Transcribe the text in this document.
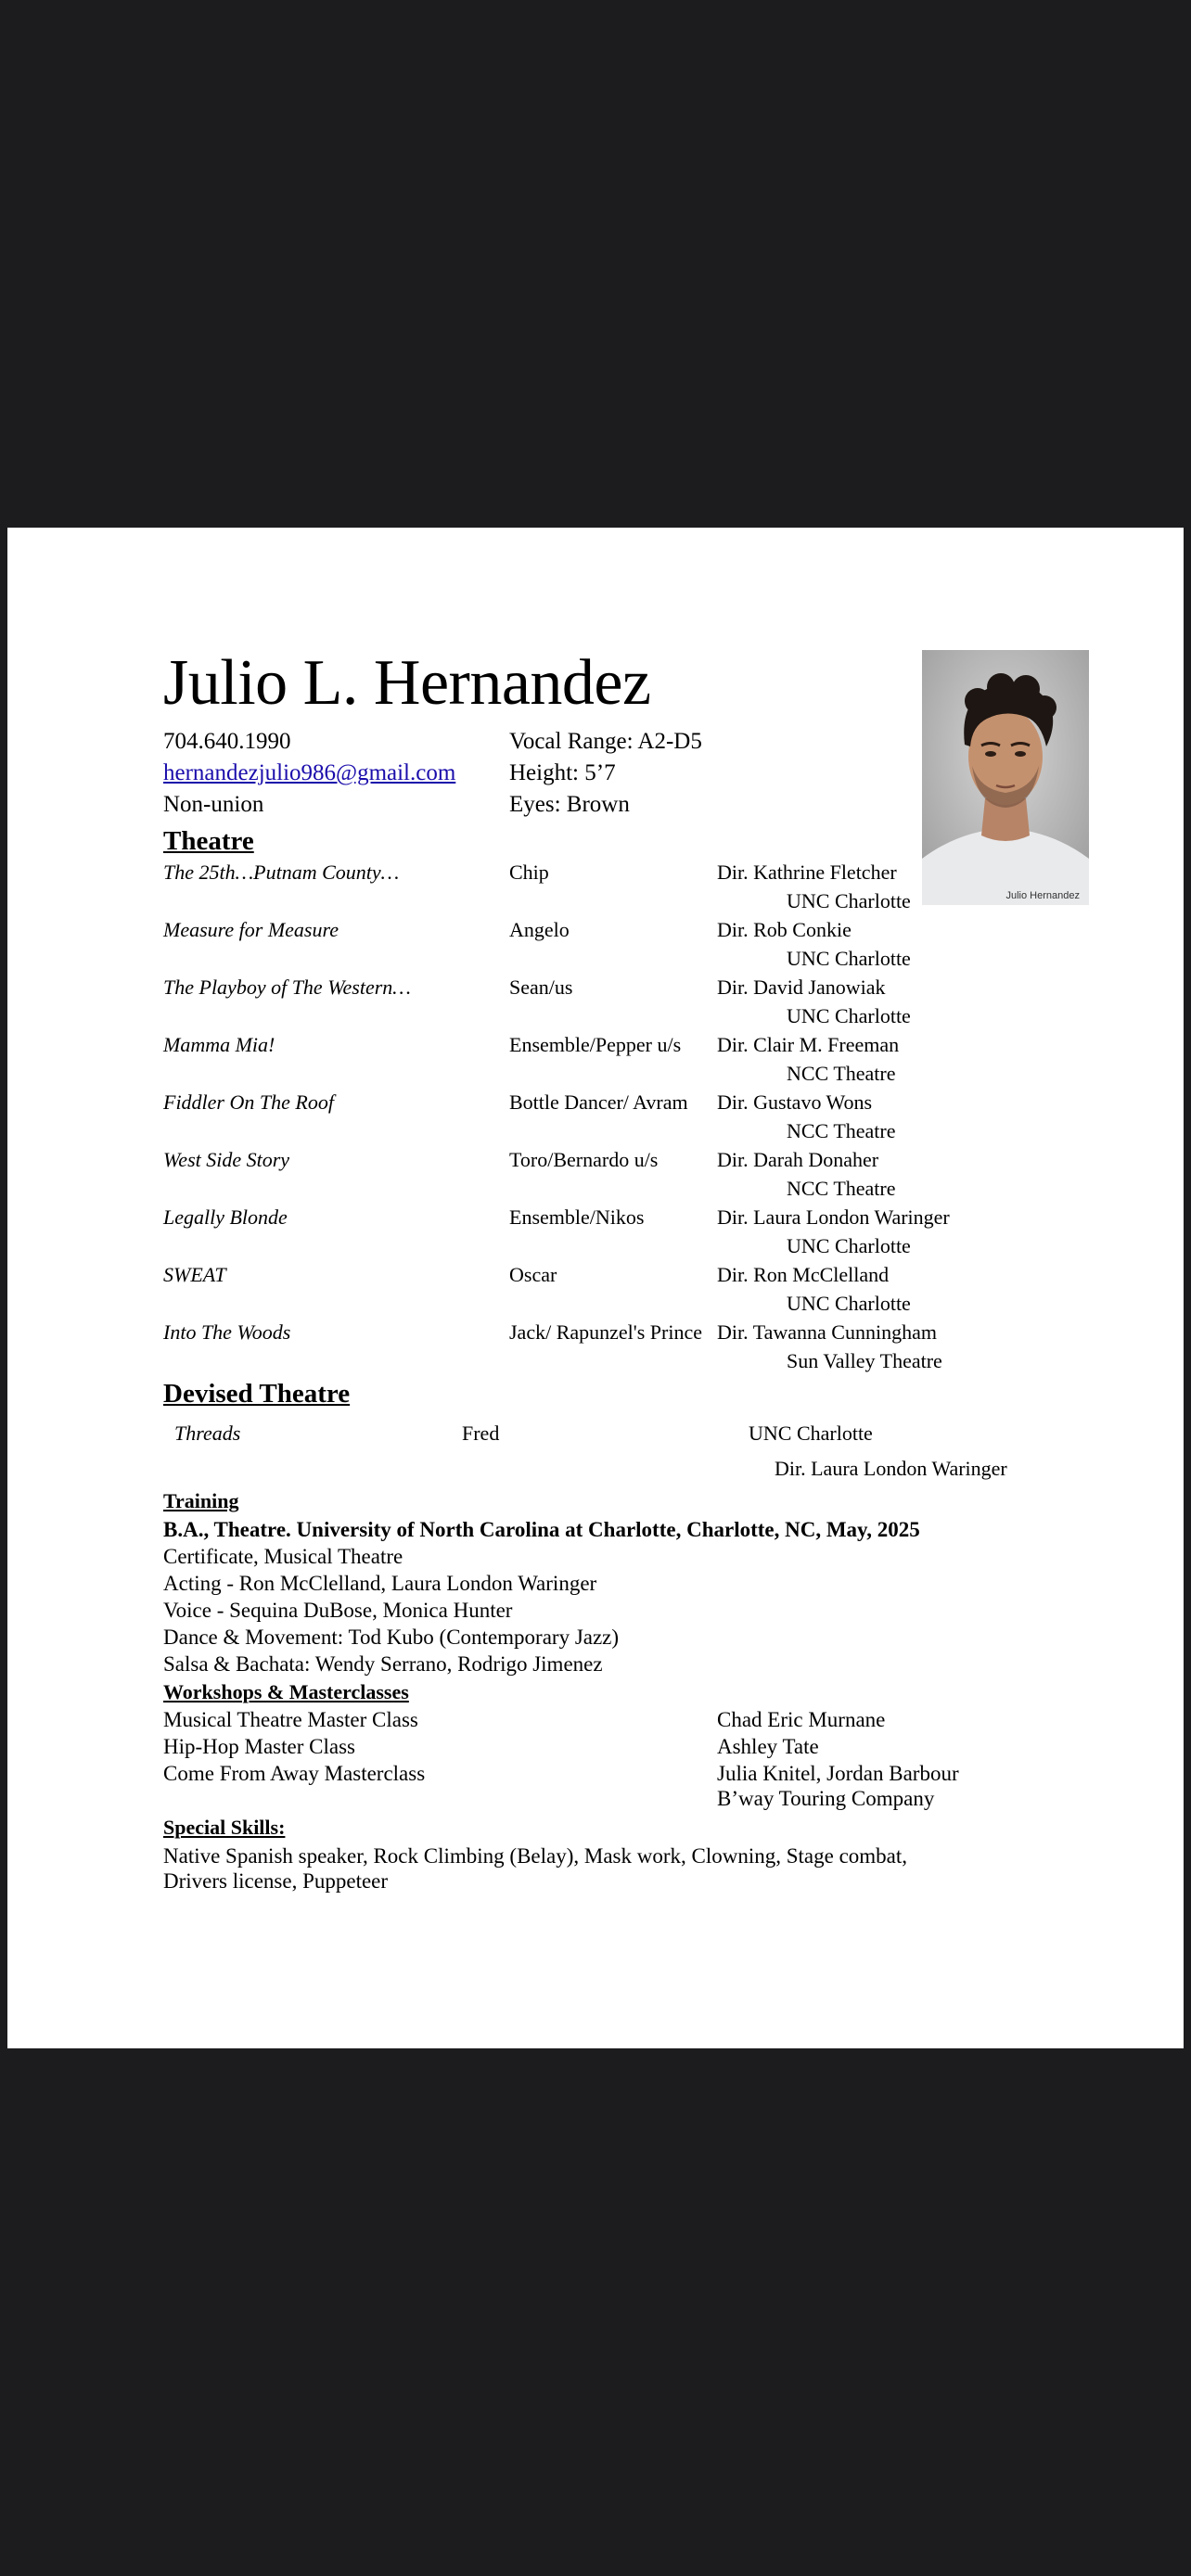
Julio L. Hernandez
704.640.1990
hernandezjulio986@gmail.com
Non-union
Vocal Range: A2-D5
Height: 5’7
Eyes: Brown
Julio Hernandez
Theatre
The 25th…Putnam County…	Chip	Dir. Kathrine Fletcher
UNC Charlotte
Measure for Measure	Angelo	Dir. Rob Conkie
UNC Charlotte
The Playboy of The Western…	Sean/us	Dir. David Janowiak
UNC Charlotte
Mamma Mia!	Ensemble/Pepper u/s Dir. Clair M. Freeman
NCC Theatre
Fiddler On The Roof	Bottle Dancer/ Avram Dir. Gustavo Wons
NCC Theatre
West Side Story	Toro/Bernardo u/s	Dir. Darah Donaher
NCC Theatre
Legally Blonde	Ensemble/Nikos	Dir. Laura London Waringer
UNC Charlotte
SWEAT	Oscar	Dir. Ron McClelland
UNC Charlotte
Into The Woods	Jack/ Rapunzel's Prince Dir. Tawanna Cunningham
Sun Valley Theatre
Devised Theatre
Threads	Fred	UNC Charlotte
Dir. Laura London Waringer
Training
B.A., Theatre. University of North Carolina at Charlotte, Charlotte, NC, May, 2025
Certificate, Musical Theatre
Acting - Ron McClelland, Laura London Waringer
Voice - Sequina DuBose, Monica Hunter
Dance & Movement: Tod Kubo (Contemporary Jazz)
Salsa & Bachata: Wendy Serrano, Rodrigo Jimenez
Workshops & Masterclasses
Musical Theatre Master Class	Chad Eric Murnane
Hip-Hop Master Class	Ashley Tate
Come From Away Masterclass	Julia Knitel, Jordan Barbour
B’way Touring Company
Special Skills:
Native Spanish speaker, Rock Climbing (Belay), Mask work, Clowning, Stage combat,
Drivers license, Puppeteer
